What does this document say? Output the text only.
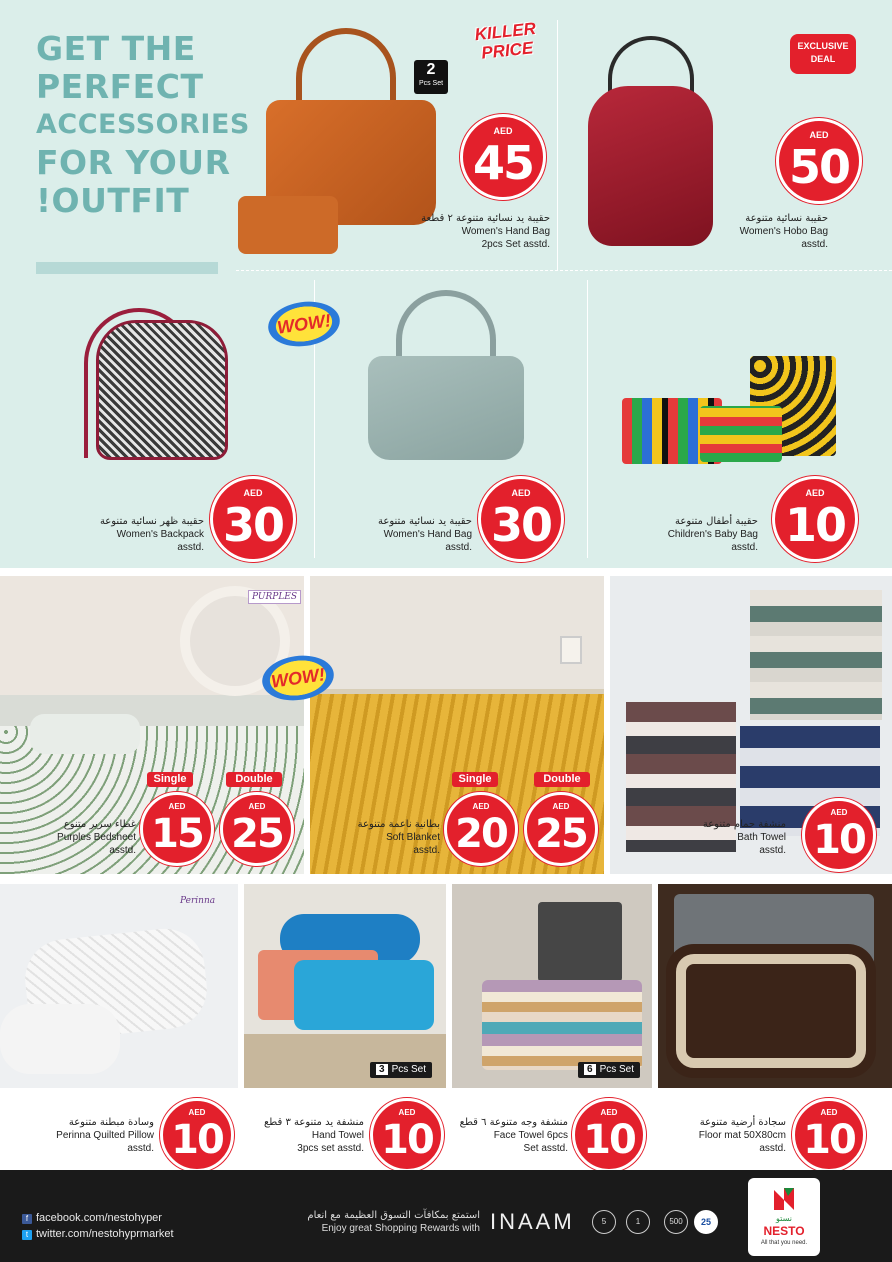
GET THE
PERFECT
ACCESSORIES
FOR YOUR
!OUTFIT
2
Pcs Set
KILLER
PRICE
AED
45
حقيبة يد نسائية متنوعة ٢ قطعة
Women's Hand Bag
2pcs Set asstd.
EXCLUSIVE
DEAL
AED
50
حقيبة نسائية متنوعة
Women's Hobo Bag
asstd.
WOW!
AED
30
حقيبة ظهر نسائية متنوعة
Women's Backpack
asstd.
AED
30
حقيبة يد نسائية متنوعة
Women's Hand Bag
asstd.
AED
10
حقيبة أطفال متنوعة
Children's Baby Bag
asstd.
PURPLES
Single	Double
AED
15
AED
25
غطاء سرير متنوع
Purples Bedsheet
asstd.
WOW!
Single	Double
AED
20
AED
25
بطانية ناعمة متنوعة
Soft Blanket
asstd.
AED
10
منشفة حمام متنوعة
Bath Towel
asstd.
Perinna
AED
10
وسادة مبطنة متنوعة
Perinna Quilted Pillow
asstd.
3 Pcs Set
AED
10
منشفة يد متنوعة ٣ قطع
Hand Towel
3pcs set asstd.
6 Pcs Set
AED
10
منشفة وجه متنوعة ٦ قطع
Face Towel 6pcs
Set asstd.
AED
10
سجادة أرضية متنوعة
Floor mat 50X80cm
asstd.
f facebook.com/nestohyper
t twitter.com/nestohyprmarket
استمتع بمكافآت التسوق العظيمة مع انعام
Enjoy great Shopping Rewards with INAAM	5	1	500	25	نستو
NESTO
All that you need.
